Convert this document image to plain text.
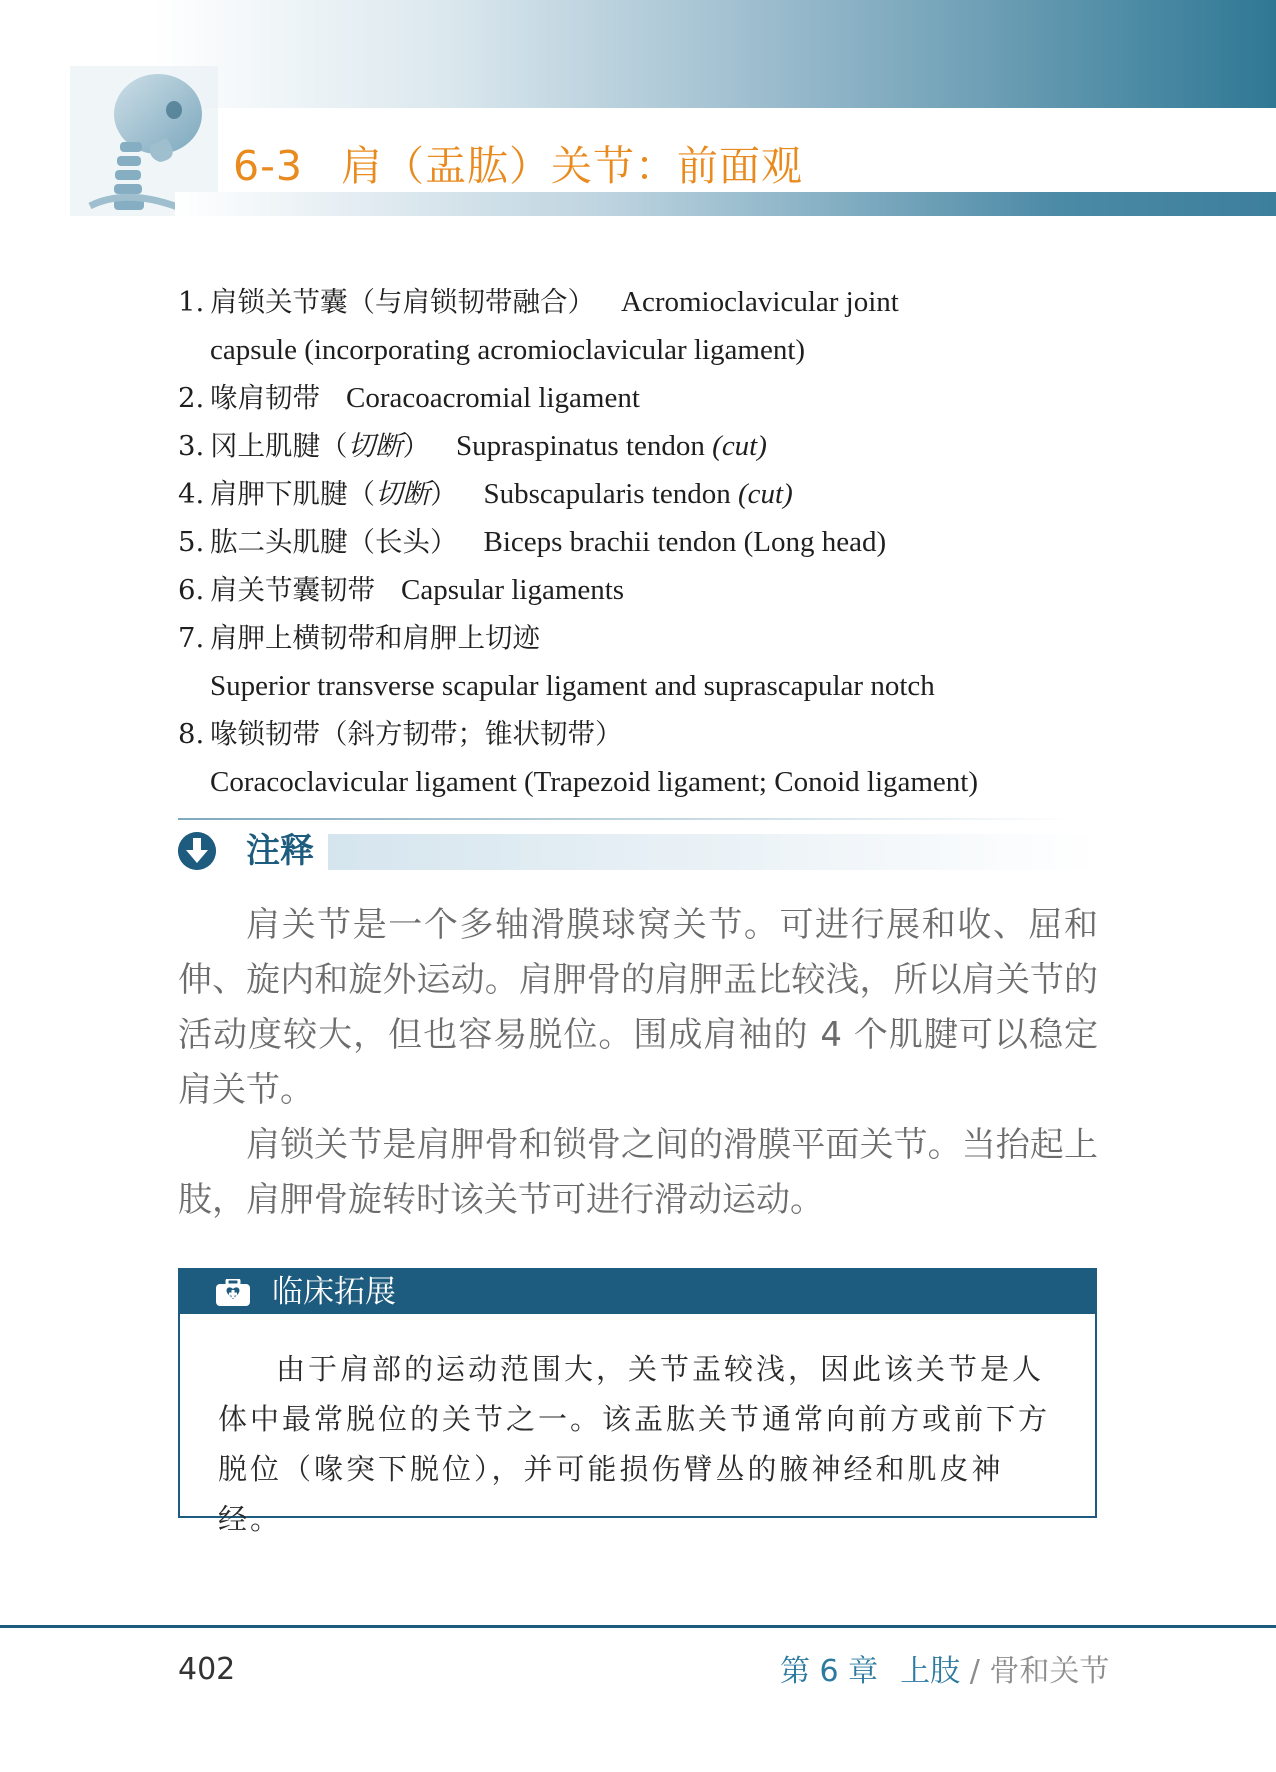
6-3 肩（盂肱）关节：前面观
1. 肩锁关节囊（与肩锁韧带融合） Acromioclavicular joint
capsule (incorporating acromioclavicular ligament)
2. 喙肩韧带 Coracoacromial ligament
3. 冈上肌腱（切断） Supraspinatus tendon (cut)
4. 肩胛下肌腱（切断） Subscapularis tendon (cut)
5. 肱二头肌腱（长头） Biceps brachii tendon (Long head)
6. 肩关节囊韧带 Capsular ligaments
7. 肩胛上横韧带和肩胛上切迹
Superior transverse scapular ligament and suprascapular notch
8. 喙锁韧带（斜方韧带；锥状韧带）
Coracoclavicular ligament (Trapezoid ligament; Conoid ligament)
注释

肩关节是一个多轴滑膜球窝关节。可进行展和收、屈和伸、旋内和旋外运动。肩胛骨的肩胛盂比较浅，所以肩关节的活动度较大，但也容易脱位。围成肩袖的 4 个肌腱可以稳定肩关节。

肩锁关节是肩胛骨和锁骨之间的滑膜平面关节。当抬起上肢，肩胛骨旋转时该关节可进行滑动运动。

临床拓展

由于肩部的运动范围大，关节盂较浅，因此该关节是人体中最常脱位的关节之一。该盂肱关节通常向前方或前下方脱位（喙突下脱位），并可能损伤臂丛的腋神经和肌皮神经。

402	第 6 章 上肢 / 骨和关节
